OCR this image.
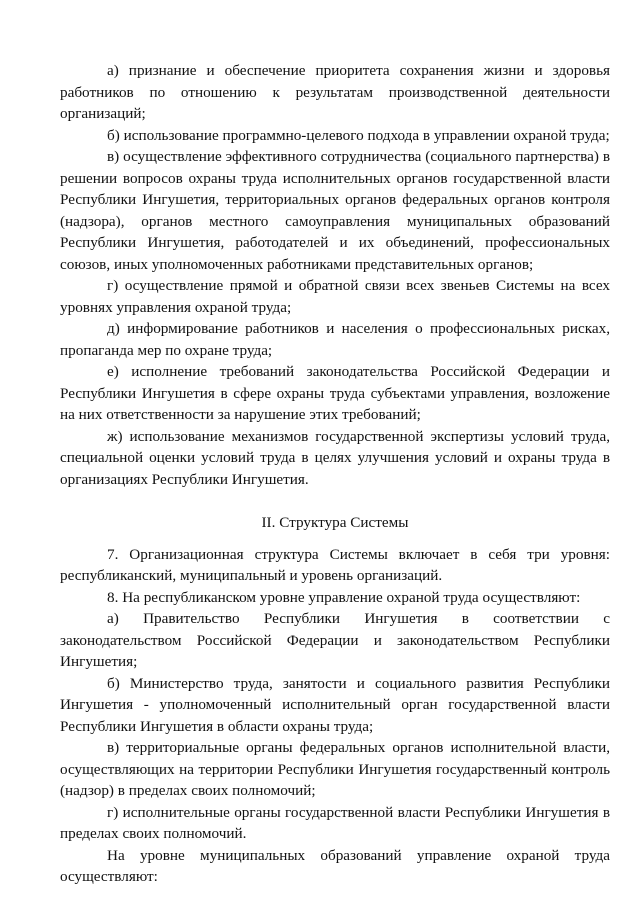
а) признание и обеспечение приоритета сохранения жизни и здоровья работников по отношению к результатам производственной деятельности организаций;

б) использование программно-целевого подхода в управлении охраной труда;

в) осуществление эффективного сотрудничества (социального партнерства) в решении вопросов охраны труда исполнительных органов государственной власти Республики Ингушетия, территориальных органов федеральных органов контроля (надзора), органов местного самоуправления муниципальных образований Республики Ингушетия, работодателей и их объединений, профессиональных союзов, иных уполномоченных работниками представительных органов;

г) осуществление прямой и обратной связи всех звеньев Системы на всех уровнях управления охраной труда;

д) информирование работников и населения о профессиональных рисках, пропаганда мер по охране труда;

е) исполнение требований законодательства Российской Федерации и Республики Ингушетия в сфере охраны труда субъектами управления, возложение на них ответственности за нарушение этих требований;

ж) использование механизмов государственной экспертизы условий труда, специальной оценки условий труда в целях улучшения условий и охраны труда в организациях Республики Ингушетия.

II. Структура Системы

7. Организационная структура Системы включает в себя три уровня: республиканский, муниципальный и уровень организаций.

8. На республиканском уровне управление охраной труда осуществляют:

а) Правительство Республики Ингушетия в соответствии с законодательством Российской Федерации и законодательством Республики Ингушетия;

б) Министерство труда, занятости и социального развития Республики Ингушетия - уполномоченный исполнительный орган государственной власти Республики Ингушетия в области охраны труда;

в) территориальные органы федеральных органов исполнительной власти, осуществляющих на территории Республики Ингушетия государственный контроль (надзор) в пределах своих полномочий;

г) исполнительные органы государственной власти Республики Ингушетия в пределах своих полномочий.

На уровне муниципальных образований управление охраной труда осуществляют:
